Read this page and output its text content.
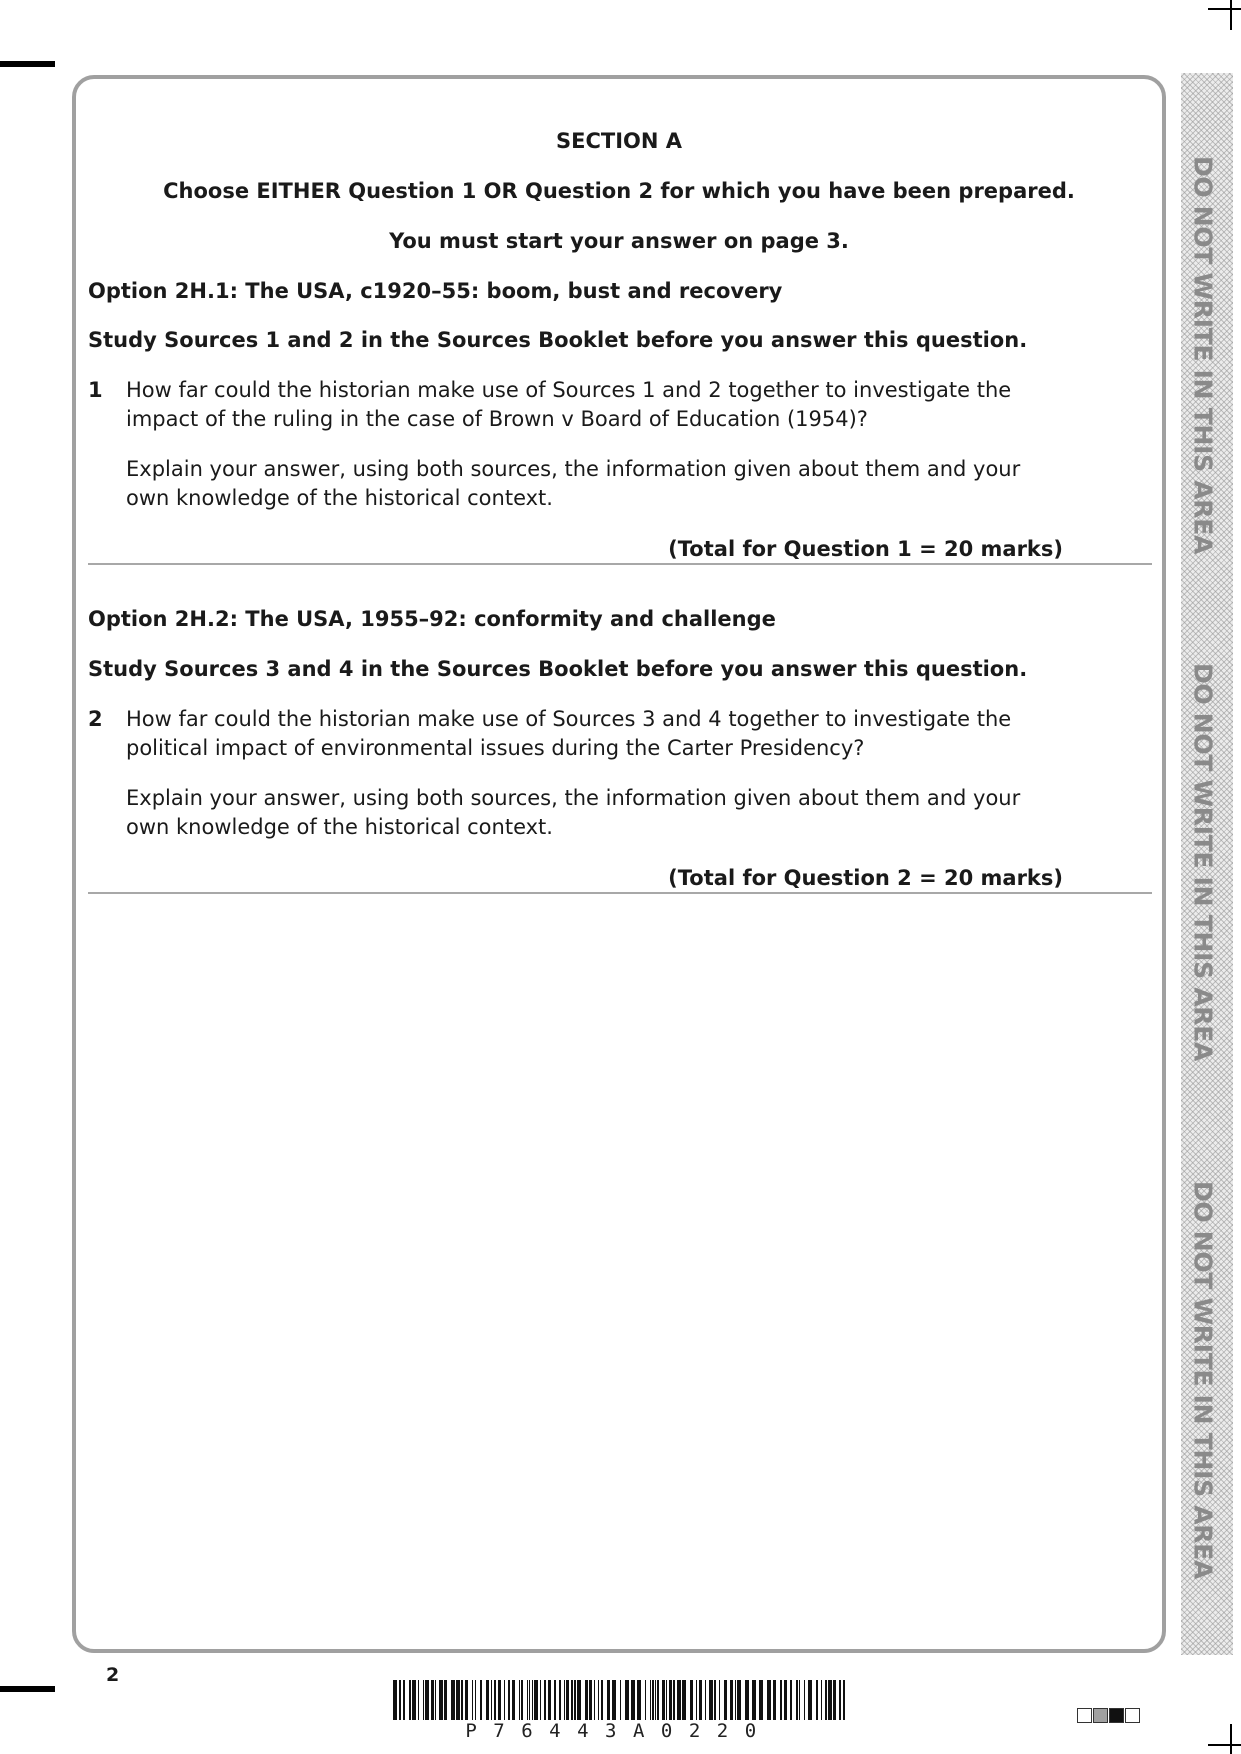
DO NOT WRITE IN THIS AREA
DO NOT WRITE IN THIS AREA
DO NOT WRITE IN THIS AREA
SECTION A
Choose EITHER Question 1 OR Question 2 for which you have been prepared.
You must start your answer on page 3.
Option 2H.1: The USA, c1920–55: boom, bust and recovery
Study Sources 1 and 2 in the Sources Booklet before you answer this question.
1 How far could the historian make use of Sources 1 and 2 together to investigate the impact of the ruling in the case of Brown v Board of Education (1954)?
Explain your answer, using both sources, the information given about them and your own knowledge of the historical context.
(Total for Question 1 = 20 marks)
Option 2H.2: The USA, 1955–92: conformity and challenge
Study Sources 3 and 4 in the Sources Booklet before you answer this question.
2 How far could the historian make use of Sources 3 and 4 together to investigate the political impact of environmental issues during the Carter Presidency?
Explain your answer, using both sources, the information given about them and your own knowledge of the historical context.
(Total for Question 2 = 20 marks)
2
P76443A0220
